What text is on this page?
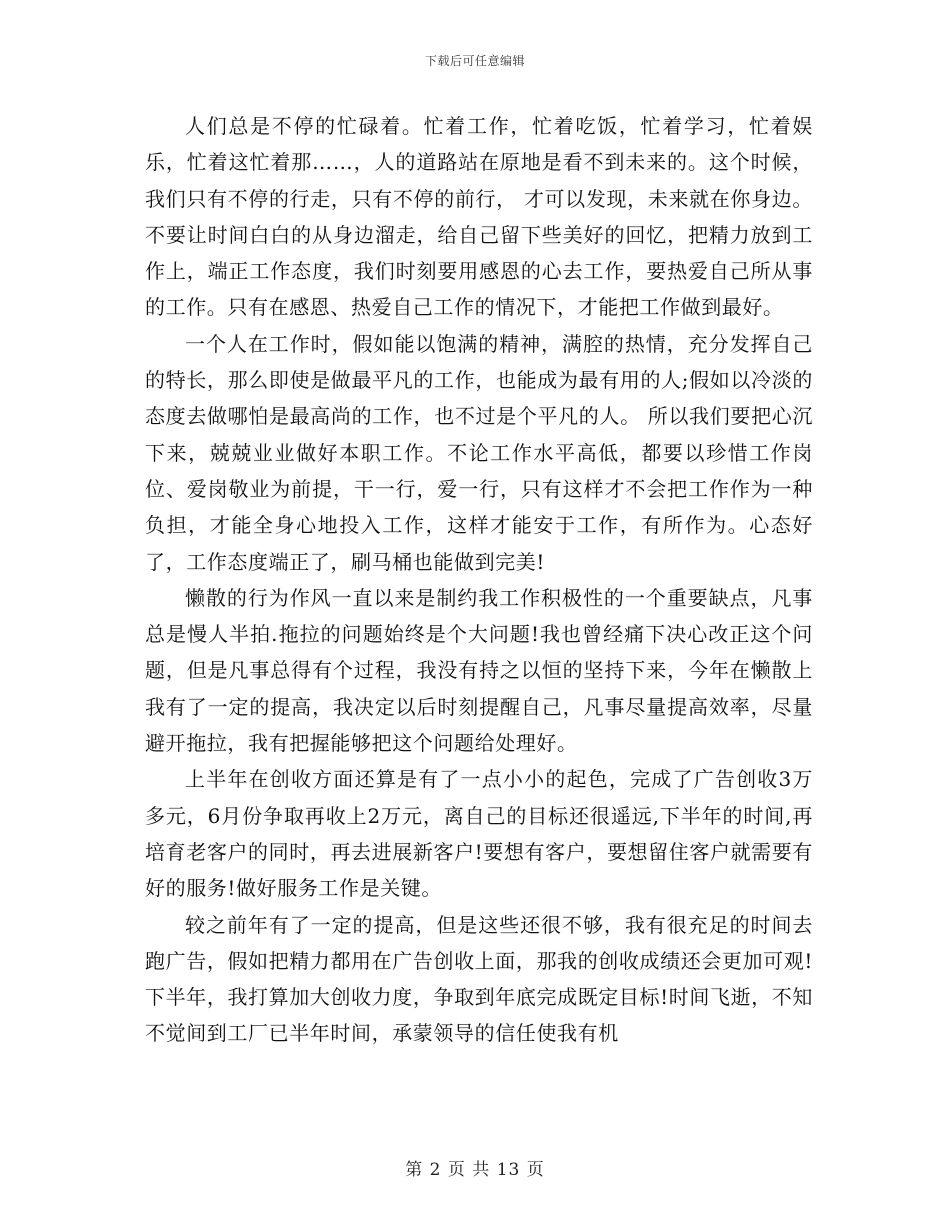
下载后可任意编辑

人们总是不停的忙碌着。忙着工作，忙着吃饭，忙着学习，忙着娱乐，忙着这忙着那……，人的道路站在原地是看不到未来的。这个时候，我们只有不停的行走，只有不停的前行， 才可以发现，未来就在你身边。不要让时间白白的从身边溜走，给自己留下些美好的回忆，把精力放到工作上，端正工作态度，我们时刻要用感恩的心去工作，要热爱自己所从事的工作。只有在感恩、热爱自己工作的情况下，才能把工作做到最好。

一个人在工作时，假如能以饱满的精神，满腔的热情，充分发挥自己的特长，那么即使是做最平凡的工作，也能成为最有用的人;假如以冷淡的态度去做哪怕是最高尚的工作，也不过是个平凡的人。 所以我们要把心沉下来，兢兢业业做好本职工作。不论工作水平高低，都要以珍惜工作岗位、爱岗敬业为前提，干一行，爱一行，只有这样才不会把工作作为一种负担，才能全身心地投入工作，这样才能安于工作，有所作为。心态好了，工作态度端正了，刷马桶也能做到完美!

懒散的行为作风一直以来是制约我工作积极性的一个重要缺点，凡事总是慢人半拍.拖拉的问题始终是个大问题!我也曾经痛下决心改正这个问题，但是凡事总得有个过程，我没有持之以恒的坚持下来，今年在懒散上我有了一定的提高，我决定以后时刻提醒自己，凡事尽量提高效率，尽量避开拖拉，我有把握能够把这个问题给处理好。

上半年在创收方面还算是有了一点小小的起色，完成了广告创收3万多元，6月份争取再收上2万元，离自己的目标还很遥远,下半年的时间,再培育老客户的同时，再去进展新客户!要想有客户，要想留住客户就需要有好的服务!做好服务工作是关键。

较之前年有了一定的提高，但是这些还很不够，我有很充足的时间去跑广告，假如把精力都用在广告创收上面，那我的创收成绩还会更加可观!下半年，我打算加大创收力度，争取到年底完成既定目标!时间飞逝，不知不觉间到工厂已半年时间，承蒙领导的信任使我有机

第 2 页 共 13 页
